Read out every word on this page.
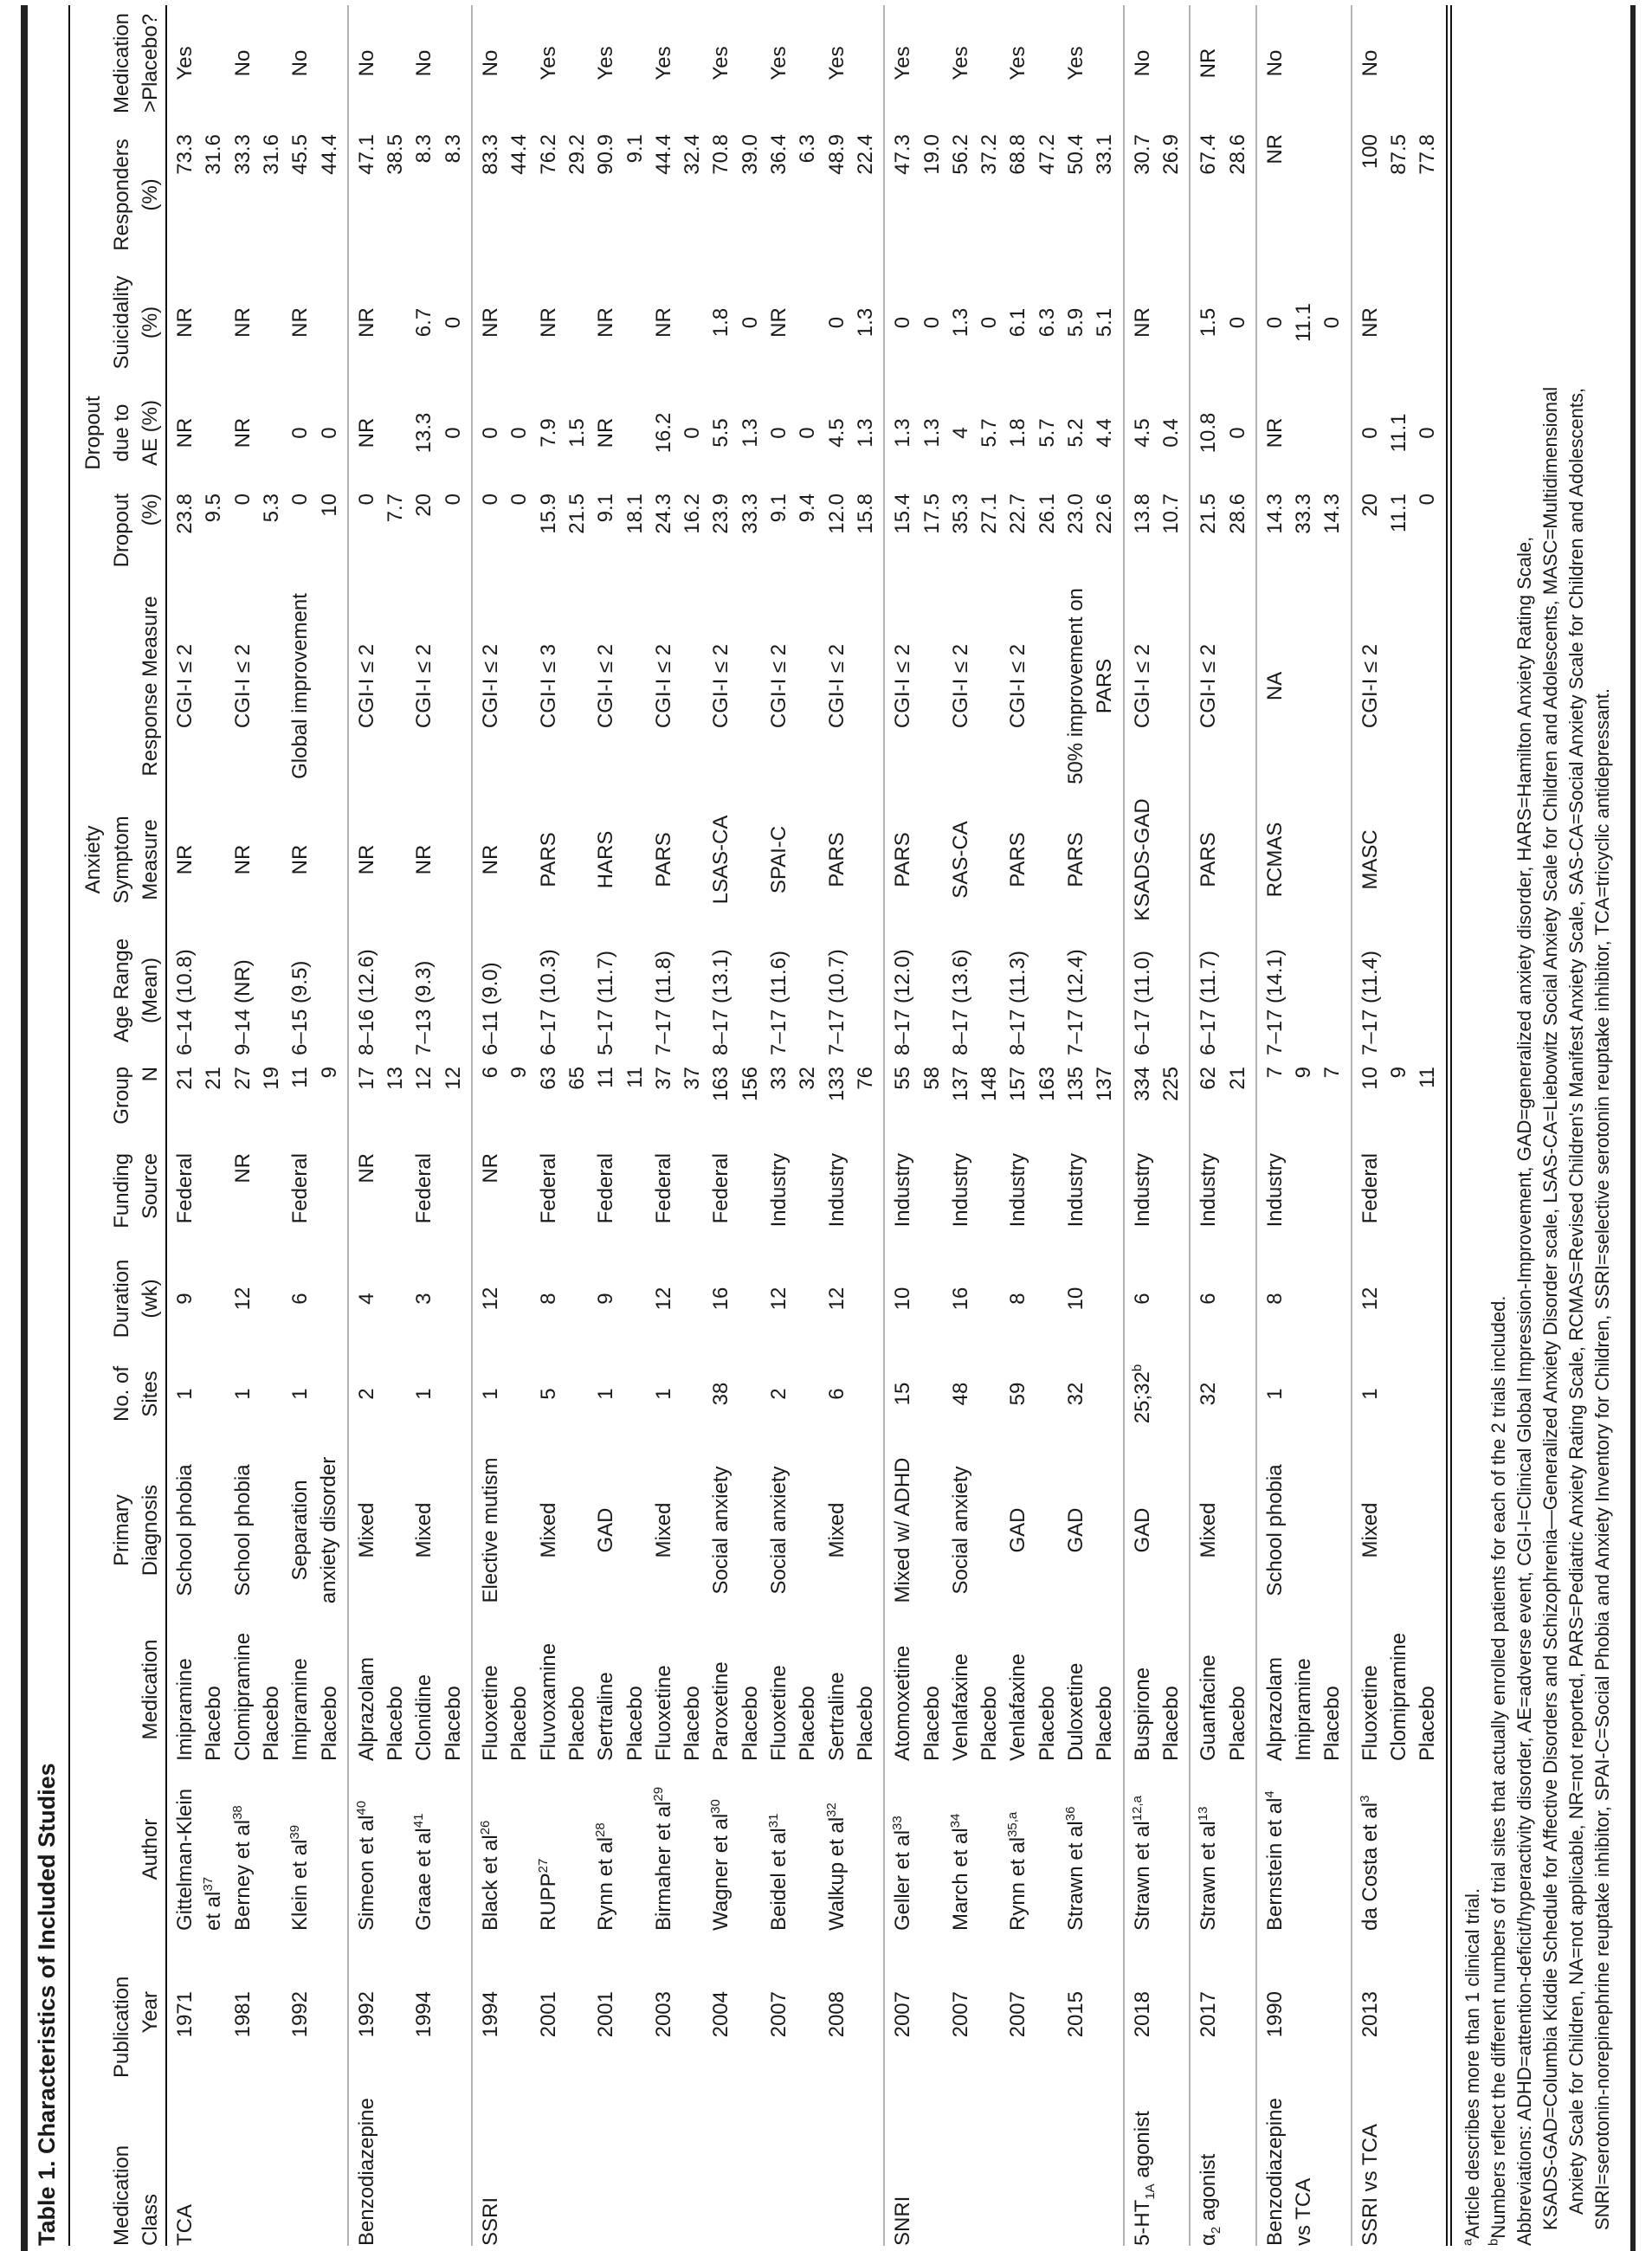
Table 1. Characteristics of Included Studies Medication
Class
Publication
Year
Author
Medication
Primary
Diagnosis
No. of
Sites
Duration
(wk)
Funding
Source
Group
N
Age Range
(Mean)
Anxiety
Symptom
Measure
Response Measure
Dropout
(%)
Dropout
due to
AE (%)
Suicidality
(%)
Responders
(%)
Medication
>Placebo?
TCA
1971
Gittelman-Klein et $al^{37}$
1
School phobia
9
Federal
6–14 (10.8)
NR
CGI-I ≤ 2
Yes
Imipramine
21
23.8
NR
NR
73.3
Placebo
21
9.5
31.6
1981
Berney et $al^{38}$
1
School phobia
12
NR
9–14 (NR)
NR
CGI-I ≤ 2
No
Clomipramine
27
0
NR
NR
33.3
Placebo
19
5.3
31.6
1992
Klein et $al^{39}$
1
Separation anxiety disorder
6
Federal
6–15 (9.5)
NR
Global improvement
No
Imipramine
11
0
0
NR
45.5
Placebo
9
10
0
44.4
Benzodiazepine
1992
Simeon et $al^{40}$
2
Mixed
4
NR
8–16 (12.6)
NR
CGI-I ≤ 2
No
Alprazolam
17
0
NR
NR
47.1
Placebo
13
7.7
38.5
1994
Graae et $al^{41}$
1
Mixed
3
Federal
7–13 (9.3)
NR
CGI-I ≤ 2
No
Clonidine
12
20
13.3
6.7
8.3
Placebo
12
0
0
0
8.3
SSRI
1994
Black et $al^{26}$
1
Elective mutism
12
NR
6–11 (9.0)
NR
CGI-I ≤ 2
No
Fluoxetine
6
0
0
NR
83.3
Placebo
9
0
0
44.4
2001
RUPP$^{27}$
5
Mixed
8
Federal
6–17 (10.3)
PARS
CGI-I ≤ 3
Yes
Fluvoxamine
63
15.9
7.9
NR
76.2
Placebo
65
21.5
1.5
29.2
2001
Rynn et $al^{28}$
1
GAD
9
Federal
5–17 (11.7)
HARS
CGI-I ≤ 2
Yes
Sertraline
11
9.1
NR
NR
90.9
Placebo
11
18.1
9.1
2003
Birmaher et $al^{29}$
1
Mixed
12
Federal
7–17 (11.8)
PARS
CGI-I ≤ 2
Yes
Fluoxetine
37
24.3
16.2
NR
44.4
Placebo
37
16.2
0
32.4
2004
Wagner et $al^{30}$
38
Social anxiety
16
Federal
8–17 (13.1)
LSAS-CA
CGI-I ≤ 2
Yes
Paroxetine
163
23.9
5.5
1.8
70.8
Placebo
156
33.3
1.3
0
39.0
2007
Beidel et $al^{31}$
2
Social anxiety
12
Industry
7–17 (11.6)
SPAI-C
CGI-I ≤ 2
Yes
Fluoxetine
33
9.1
0
NR
36.4
Placebo
32
9.4
0
6.3
2008
Walkup et $al^{32}$
6
Mixed
12
Industry
7–17 (10.7)
PARS
CGI-I ≤ 2
Yes
Sertraline
133
12.0
4.5
0
48.9
Placebo
76
15.8
1.3
1.3
22.4
SNRI
2007
Geller et $al^{33}$
15
Mixed w/ ADHD
10
Industry
8–17 (12.0)
PARS
CGI-I ≤ 2
Yes
Atomoxetine
55
15.4
1.3
0
47.3
Placebo
58
17.5
1.3
0
19.0
2007
March et $al^{34}$
48
Social anxiety
16
Industry
8–17 (13.6)
SAS-CA
CGI-I ≤ 2
Yes
Venlafaxine
137
35.3
4
1.3
56.2
Placebo
148
27.1
5.7
0
37.2
2007
Rynn et al$^{35,a}$
59
GAD
8
Industry
8–17 (11.3)
PARS
CGI-I ≤ 2
Yes
Venlafaxine
157
22.7
1.8
6.1
68.8
Placebo
163
26.1
5.7
6.3
47.2
2015
Strawn et $al^{36}$
32
GAD
10
Industry
7–17 (12.4)
PARS
50% improvement on PARS
Yes
Duloxetine
135
23.0
5.2
5.9
50.4
Placebo
137
22.6
4.4
5.1
33.1
$5-HT_{1A}$ agonist
2018
Strawn et al$^{12,a}$
25;32$^b$
GAD
6
Industry
6–17 (11.0)
KSADS-GAD
CGI-I ≤ 2
No
Buspirone
334
13.8
4.5
NR
30.7
Placebo
225
10.7
0.4
26.9
$\alpha_2$ agonist
2017
Strawn et $al^{13}$
32
Mixed
6
Industry
6–17 (11.7)
PARS
CGI-I ≤ 2
NR
Guanfacine
62
21.5
10.8
1.5
67.4
Placebo
21
28.6
0
0
28.6
Benzodiazepine vs TCA
1990
Bernstein et $al^4$
1
School phobia
8
Industry
7–17 (14.1)
RCMAS
NA
No
Alprazolam
7
14.3
NR
0
NR
Imipramine
9
33.3
11.1
Placebo
7
14.3
0
SSRI vs TCA
2013
da Costa et $al^3$
1
Mixed
12
Federal
7–17 (11.4)
MASC
CGI-I ≤ 2
No
Fluoxetine
10
20
0
NR
100
Clomipramine
9
11.1
11.1
87.5
Placebo
11
0
0
77.8
$^a$Article describes more than 1 clinical trial.
$^b$Numbers reflect the different numbers of trial sites that actually enrolled patients for each of the 2 trials included. Abbreviations: ADHD=attention-deficit/hyperactivity disorder, AE=adverse event, CGI-I=Clinical Global Impression-Improvement, GAD=generalized anxiety disorder, HARS=Hamilton Anxiety Rating Scale, KSADS-GAD=Columbia Kiddie Schedule for Affective Disorders and Schizophrenia—Generalized Anxiety Disorder scale, LSAS-CA=Liebowitz Social Anxiety Scale for Children and Adolescents, MASC=Multidimensional Anxiety Scale for Children, NA=not applicable, NR=not reported, PARS=Pediatric Anxiety Rating Scale, RCMAS=Revised Children's Manifest Anxiety Scale, SAS-CA=Social Anxiety Scale for Children and Adolescents, SNRI=serotonin-norepinephrine reuptake inhibitor, SPAI-C=Social Phobia and Anxiety Inventory for Children, SSRI=selective serotonin reuptake inhibitor, TCA=tricyclic antidepressant.
